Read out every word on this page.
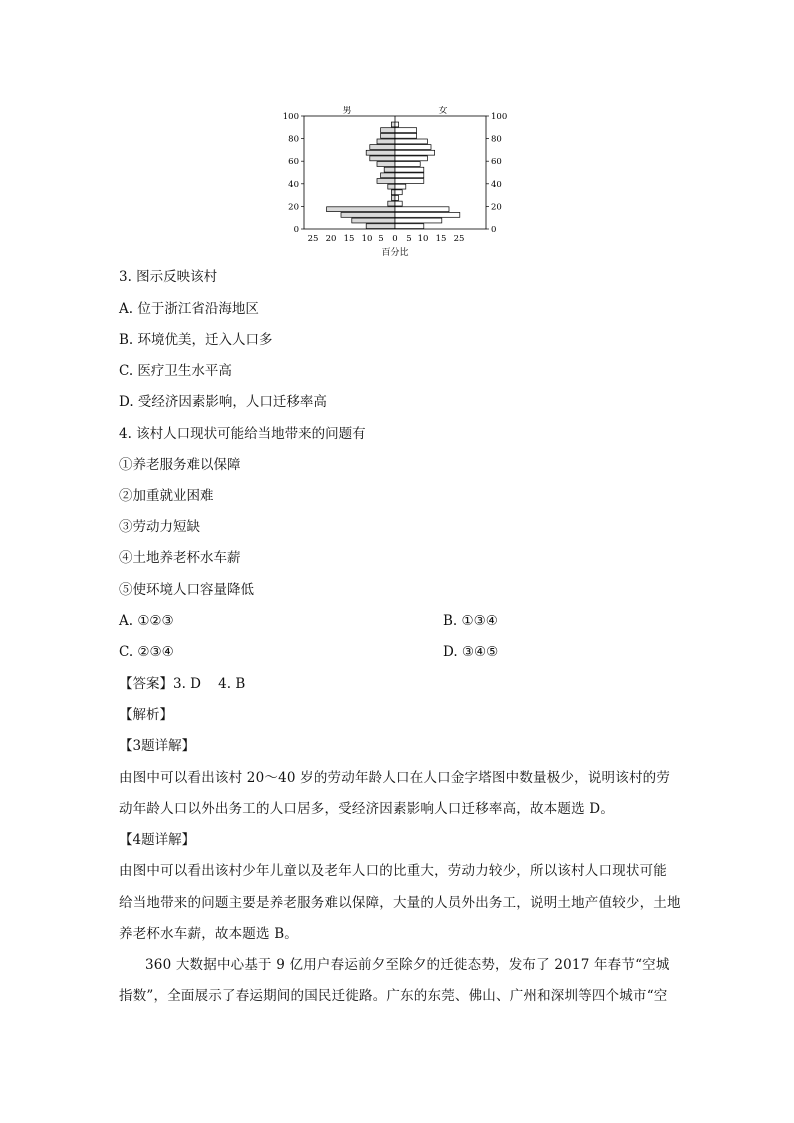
男	女
0	0
20	20
40	40
60	60
80	80
100	100
25 20 15 10 5 0 5 10 15 25
百分比
3. 图示反映该村
A. 位于浙江省沿海地区
B. 环境优美，迁入人口多
C. 医疗卫生水平高
D. 受经济因素影响，人口迁移率高
4. 该村人口现状可能给当地带来的问题有
①养老服务难以保障
②加重就业困难
③劳动力短缺
④土地养老杯水车薪
⑤使环境人口容量降低
A. ①②③	B. ①③④
C. ②③④	D. ③④⑤
【答案】3. D    4. B
【解析】
【3题详解】
由图中可以看出该村 20～40 岁的劳动年龄人口在人口金字塔图中数量极少，说明该村的劳
动年龄人口以外出务工的人口居多，受经济因素影响人口迁移率高，故本题选 D。
【4题详解】
由图中可以看出该村少年儿童以及老年人口的比重大，劳动力较少，所以该村人口现状可能
给当地带来的问题主要是养老服务难以保障，大量的人员外出务工，说明土地产值较少，土地
养老杯水车薪，故本题选 B。
360 大数据中心基于 9 亿用户春运前夕至除夕的迁徙态势，发布了 2017 年春节“空城
指数”，全面展示了春运期间的国民迁徙路。广东的东莞、佛山、广州和深圳等四个城市“空
